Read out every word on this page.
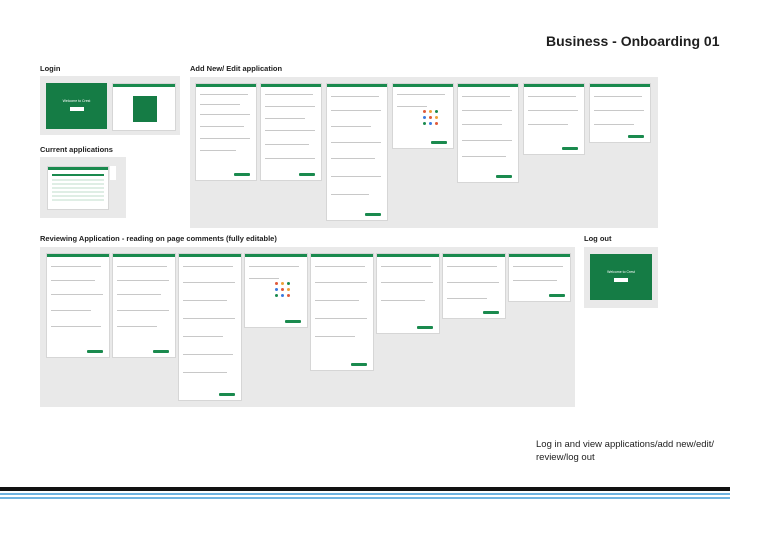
Business - Onboarding 01
Login	Add New/ Edit application
Current applications
Reviewing Application - reading on page comments (fully editable)	Log out
Welcome to Crest
Welcome to Crest
Log in and view applications/add new/edit/ review/log out
